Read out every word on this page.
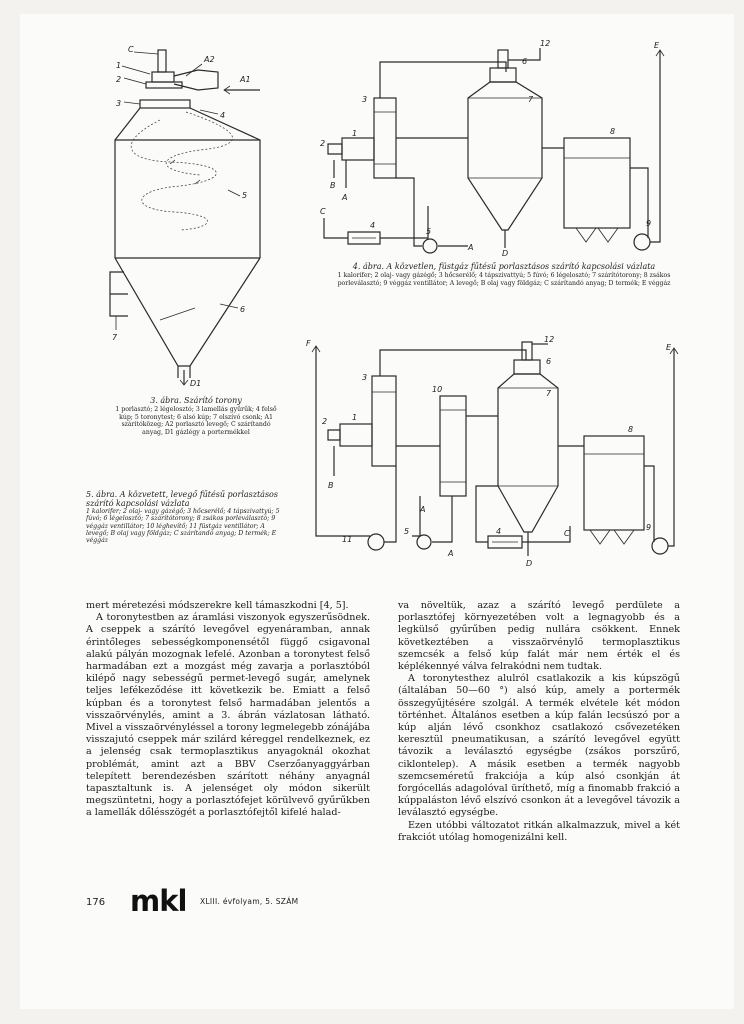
C
A2
A1
1
2
3
4
5
6
7
D1
3. ábra. Szárító torony
1 porlasztó; 2 légelosztó; 3 lamellás gyűrűk; 4 felső kúp; 5 toronytest; 6 alsó kúp; 7 elszívó csonk; A1 szárítóközeg; A2 porlasztó levegő; C szárítandó anyag, D1 gázlégy a portermékkel
12
6
3	7
8
2
1
B
A
C
4
5
A
D
9
E
4. ábra. A közvetlen, füstgáz fűtésű porlasztásos szárító kapcsolási vázlata
1 kalorifer; 2 olaj- vagy gázégő; 3 hőcserélő; 4 tápszivattyú; 5 fúvó; 6 légelosztó; 7 szárítótorony; 8 zsákos porleválasztó; 9 véggáz ventillátor; A levegő; B olaj vagy földgáz; C szárítandó anyag; D termék; E véggáz
F	E
12
6
3
10	7
8
2	1
B
A
11
5
A
4	C
D
9
5. ábra. A közvetett, levegő fűtésű porlasztásos szárító kapcsolási vázlata
1 kalorifer; 2 olaj- vagy gázégő; 3 hőcserélő; 4 tápszivattyú; 5 fúvó; 6 légelosztó; 7 szárítótorony; 8 zsákos porleválasztó; 9 véggáz ventillátor; 10 léghevítő; 11 füstgáz ventillátor; A levegő; B olaj vagy földgáz; C szárítandó anyag; D termék; E véggáz

mert méretezési módszerekre kell támaszkodni [4, 5].

A toronytestben az áramlási viszonyok egyszerűsödnek. A cseppek a szárító levegővel egyenáramban, annak érintőleges sebességkomponensétől függő csigavonal alakú pályán mozognak lefelé. Azonban a toronytest felső harmadában ezt a mozgást még zavarja a porlasztóból kilépő nagy sebességű permet-levegő sugár, amelynek teljes lefékeződése itt következik be. Emiatt a felső kúpban és a toronytest felső harmadában jelentős a visszaörvénylés, amint a 3. ábrán vázlatosan látható. Mivel a visszaörvényléssel a torony legmelegebb zónájába visszajutó cseppek már szilárd kéreggel rendelkeznek, ez a jelenség csak termoplasztikus anyagoknál okozhat problémát, amint azt a BBV Cserzőanyaggyárban telepített berendezésben szárított néhány anyagnál tapasztaltunk is. A jelenséget oly módon sikerült megszüntetni, hogy a porlasztófejet körülvevő gyűrűkben a lamellák dőlésszögét a porlasztófejtől kifelé halad-

va növeltük, azaz a szárító levegő perdülete a porlasztófej környezetében volt a legnagyobb és a legkülső gyűrűben pedig nullára csökkent. Ennek következtében a visszaörvénylő termoplasztikus szemcsék a felső kúp falát már nem érték el és képlékennyé válva felrakódni nem tudtak.

A toronytesthez alulról csatlakozik a kis kúpszögű (általában 50—60 °) alsó kúp, amely a portermék összegyűjtésére szolgál. A termék elvétele két módon történhet. Általános esetben a kúp falán lecsúszó por a kúp alján lévő csonkhoz csatlakozó csővezetéken keresztül pneumatikusan, a szárító levegővel együtt távozik a leválasztó egységbe (zsákos porszűrő, ciklontelep). A másik esetben a termék nagyobb szemcseméretű frakciója a kúp alsó csonkján át forgócellás adagolóval üríthető, míg a finomabb frakció a kúppaláston lévő elszívó csonkon át a levegővel távozik a leválasztó egységbe.

Ezen utóbbi változatot ritkán alkalmazzuk, mivel a két frakciót utólag homogenizálni kell.

176 mkl XLIII. évfolyam, 5. SZÁM
